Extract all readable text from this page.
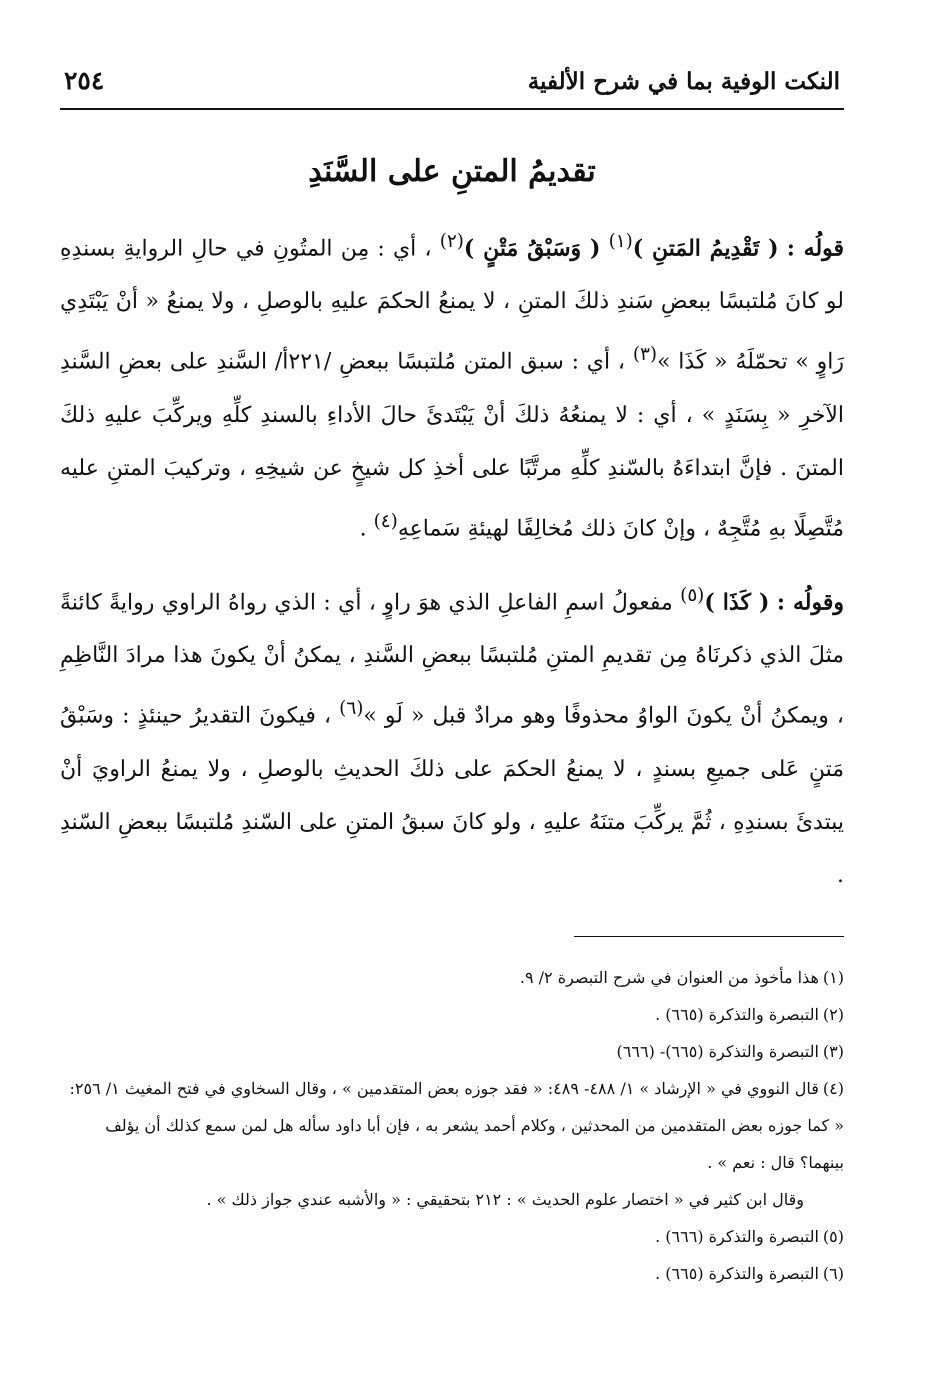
النكت الوفية بما في شرح الألفية
٢٥٤
تقديمُ المتنِ على السَّنَدِ

قولُه : ( تَقْدِيمُ المَتنِ )$^{(١)}$ ( وَسَبْقُ مَتْنٍ )$^{(٢)}$ ، أي : مِن المتُونِ في حالِ الروايةِ بسندِهِ لو كانَ مُلتبسًا ببعضِ سَندِ ذلكَ المتنِ ، لا يمنعُ الحكمَ عليهِ بالوصلِ ، ولا يمنعُ « أنْ يَبْتَدِي رَاوٍ » تحمّلَهُ « كَذَا »$^{(٣)}$ ، أي : سبق المتن مُلتبسًا ببعضِ /٢٢١أ/ السَّندِ على بعضِ السَّندِ الآخرِ « بِسَنَدٍ » ، أي : لا يمنعُهُ ذلكَ أنْ يَبْتَدئَ حالَ الأداءِ بالسندِ كلِّهِ ويركِّبَ عليهِ ذلكَ المتنَ . فإنَّ ابتداءَهُ بالسّندِ كلِّهِ مرتَّبًا على أخذِ كل شيخٍ عن شيخِهِ ، وتركيبَ المتنِ عليه مُتَّصِلًا بهِ مُتَّجِهٌ ، وإنْ كانَ ذلك مُخالِفًا لهيئةِ سَماعِهِ$^{(٤)}$ .

وقولُه : ( كَذَا )$^{(٥)}$ مفعولُ اسمِ الفاعلِ الذي هوَ راوٍ ، أي : الذي رواهُ الراوي روايةً كائنةً مثلَ الذي ذكرنَاهُ مِن تقديمِ المتنِ مُلتبسًا ببعضِ السَّندِ ، يمكنُ أنْ يكونَ هذا مرادَ النَّاظِمِ ، ويمكنُ أنْ يكونَ الواوُ محذوفًا وهو مرادٌ قبل « لَو »$^{(٦)}$ ، فيكونَ التقديرُ حينئذٍ : وسَبْقُ مَتنٍ عَلى جميعِ بسندٍ ، لا يمنعُ الحكمَ على ذلكَ الحديثِ بالوصلِ ، ولا يمنعُ الراويَ أنْ يبتدئَ بسندِهِ ، ثُمَّ يركِّبَ متنَهُ عليهِ ، ولو كانَ سبقُ المتنِ على السّندِ مُلتبسًا ببعضِ السّندِ .

(١)هذا مأخوذ من العنوان في شرح التبصرة ٢/ ٩.

(٢)التبصرة والتذكرة (٦٦٥) .

(٣)التبصرة والتذكرة (٦٦٥)- (٦٦٦)

(٤)قال النووي في « الإرشاد » ١/ ٤٨٨- ٤٨٩: « فقد جوزه بعض المتقدمين » ، وقال السخاوي في فتح المغيث ١/ ٢٥٦: « كما جوزه بعض المتقدمين من المحدثين ، وكلام أحمد يشعر به ، فإن أبا داود سأله هل لمن سمع كذلك أن يؤلف بينهما؟ قال : نعم » .

وقال ابن كثير في « اختصار علوم الحديث » : ٢١٢ بتحقيقي : « والأشبه عندي جواز ذلك » .

(٥)التبصرة والتذكرة (٦٦٦) .

(٦)التبصرة والتذكرة (٦٦٥) .
